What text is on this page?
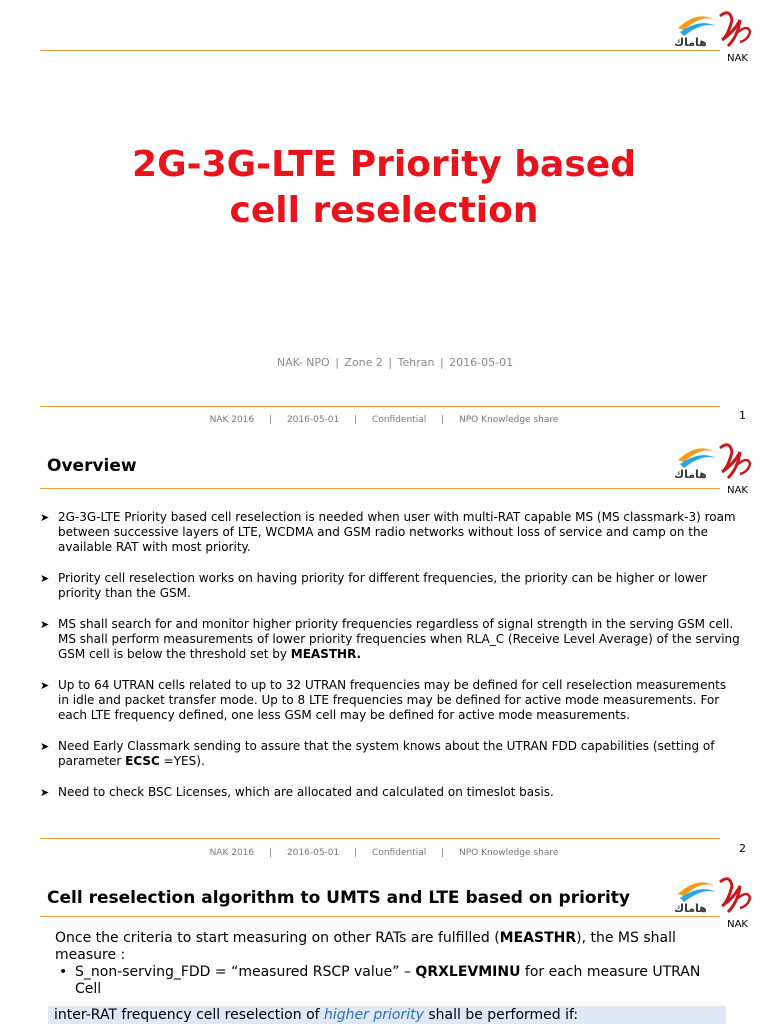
هاماك
NAK
2G-3G-LTE Priority based
cell reselection
NAK- NPO | Zone 2 | Tehran | 2016-05-01
NAK 2016 | 2016-05-01 | Confidential | NPO Knowledge share	1
Overview	هاماك
NAK
NAK 2016 | 2016-05-01 | Confidential | NPO Knowledge share	2
➤ 2G-3G-LTE Priority based cell reselection is needed when user with multi-RAT capable MS (MS classmark-3) roam between successive layers of LTE, WCDMA and GSM radio networks without loss of service and camp on the available RAT with most priority.
➤ Priority cell reselection works on having priority for different frequencies, the priority can be higher or lower priority than the GSM.
➤ MS shall search for and monitor higher priority frequencies regardless of signal strength in the serving GSM cell. MS shall perform measurements of lower priority frequencies when RLA_C (Receive Level Average) of the serving GSM cell is below the threshold set by MEASTHR.
➤ Up to 64 UTRAN cells related to up to 32 UTRAN frequencies may be defined for cell reselection measurements in idle and packet transfer mode. Up to 8 LTE frequencies may be defined for active mode measurements. For each LTE frequency defined, one less GSM cell may be defined for active mode measurements.
➤ Need Early Classmark sending to assure that the system knows about the UTRAN FDD capabilities (setting of parameter ECSC =YES).
➤ Need to check BSC Licenses, which are allocated and calculated on timeslot basis.
Cell reselection algorithm to UMTS and LTE based on priority
هاماك
NAK
Once the criteria to start measuring on other RATs are fulfilled (MEASTHR), the MS shall measure :
• S_non-serving_FDD = “measured RSCP value” – QRXLEVMINU for each measure UTRAN Cell
inter-RAT frequency cell reselection of higher priority shall be performed if:
